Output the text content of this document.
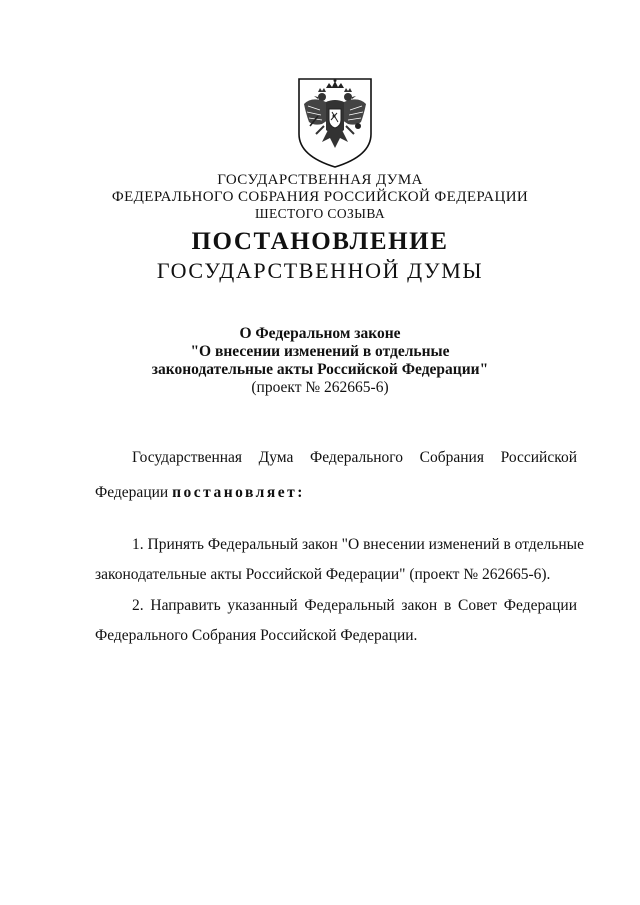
ГОСУДАРСТВЕННАЯ ДУМА
ФЕДЕРАЛЬНОГО СОБРАНИЯ РОССИЙСКОЙ ФЕДЕРАЦИИ
ШЕСТОГО СОЗЫВА
ПОСТАНОВЛЕНИЕ
ГОСУДАРСТВЕННОЙ ДУМЫ
О Федеральном законе
"О внесении изменений в отдельные
законодательные акты Российской Федерации"
(проект № 262665-6)
Государственная Дума Федерального Собрания Российской
Федерации постановляет:
1. Принять Федеральный закон "О внесении изменений в отдельные
законодательные акты Российской Федерации" (проект № 262665-6).
2. Направить указанный Федеральный закон в Совет Федерации
Федерального Собрания Российской Федерации.
